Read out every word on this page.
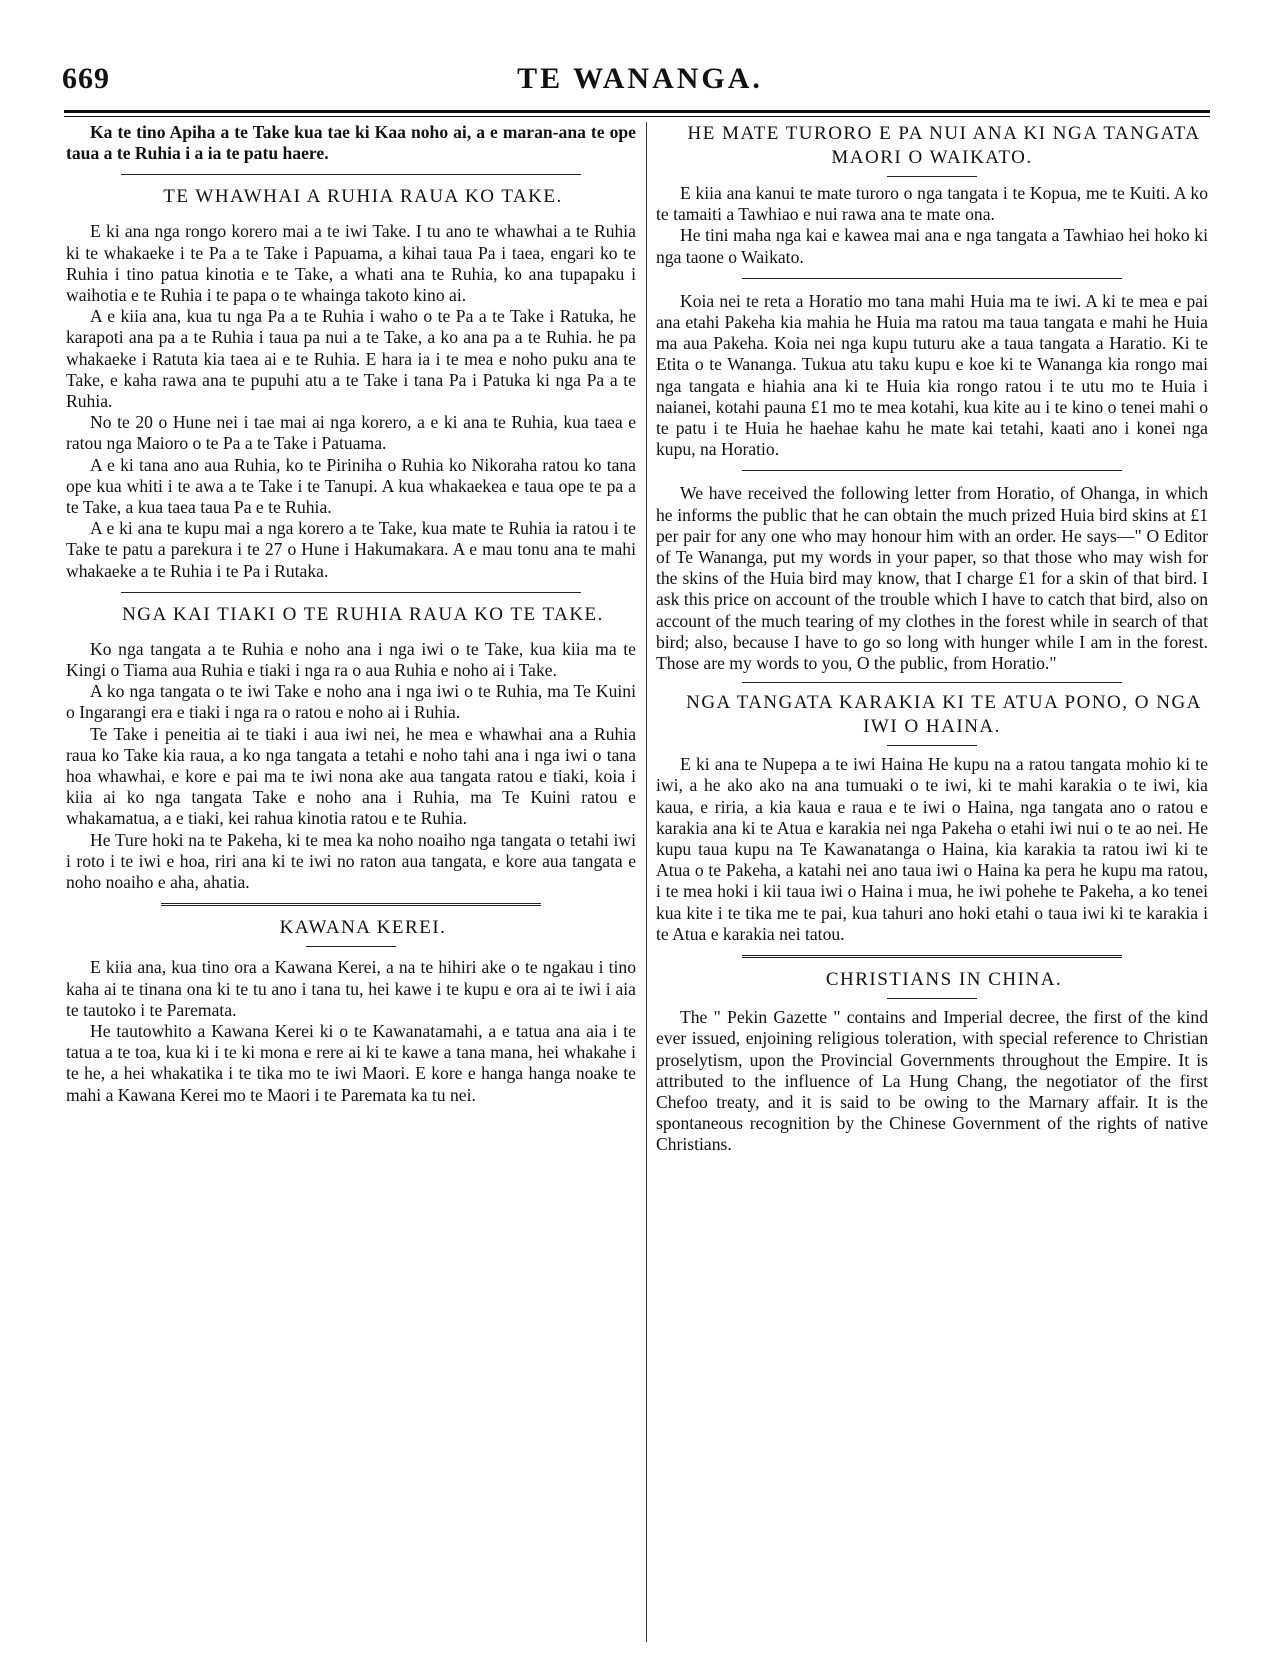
669	TE WANANGA.

Ka te tino Apiha a te Take kua tae ki Kaa noho ai, a e maran-ana te ope taua a te Ruhia i a ia te patu haere.

TE WHAWHAI A RUHIA RAUA KO TAKE.

E ki ana nga rongo korero mai a te iwi Take. I tu ano te whawhai a te Ruhia ki te whakaeke i te Pa a te Take i Papuama, a kihai taua Pa i taea, engari ko te Ruhia i tino patua kinotia e te Take, a whati ana te Ruhia, ko ana tupapaku i waihotia e te Ruhia i te papa o te whainga takoto kino ai.

A e kiia ana, kua tu nga Pa a te Ruhia i waho o te Pa a te Take i Ratuka, he karapoti ana pa a te Ruhia i taua pa nui a te Take, a ko ana pa a te Ruhia. he pa whakaeke i Ratuta kia taea ai e te Ruhia. E hara ia i te mea e noho puku ana te Take, e kaha rawa ana te pupuhi atu a te Take i tana Pa i Patuka ki nga Pa a te Ruhia.

No te 20 o Hune nei i tae mai ai nga korero, a e ki ana te Ruhia, kua taea e ratou nga Maioro o te Pa a te Take i Patuama.

A e ki tana ano aua Ruhia, ko te Piriniha o Ruhia ko Nikoraha ratou ko tana ope kua whiti i te awa a te Take i te Tanupi. A kua whakaekea e taua ope te pa a te Take, a kua taea taua Pa e te Ruhia.

A e ki ana te kupu mai a nga korero a te Take, kua mate te Ruhia ia ratou i te Take te patu a parekura i te 27 o Hune i Hakumakara. A e mau tonu ana te mahi whakaeke a te Ruhia i te Pa i Rutaka.

NGA KAI TIAKI O TE RUHIA RAUA KO TE TAKE.

Ko nga tangata a te Ruhia e noho ana i nga iwi o te Take, kua kiia ma te Kingi o Tiama aua Ruhia e tiaki i nga ra o aua Ruhia e noho ai i Take.

A ko nga tangata o te iwi Take e noho ana i nga iwi o te Ruhia, ma Te Kuini o Ingarangi era e tiaki i nga ra o ratou e noho ai i Ruhia.

Te Take i peneitia ai te tiaki i aua iwi nei, he mea e whawhai ana a Ruhia raua ko Take kia raua, a ko nga tangata a tetahi e noho tahi ana i nga iwi o tana hoa whawhai, e kore e pai ma te iwi nona ake aua tangata ratou e tiaki, koia i kiia ai ko nga tangata Take e noho ana i Ruhia, ma Te Kuini ratou e whakamatua, a e tiaki, kei rahua kinotia ratou e te Ruhia.

He Ture hoki na te Pakeha, ki te mea ka noho noaiho nga tangata o tetahi iwi i roto i te iwi e hoa, riri ana ki te iwi no raton aua tangata, e kore aua tangata e noho noaiho e aha, ahatia.

KAWANA KEREI.

E kiia ana, kua tino ora a Kawana Kerei, a na te hihiri ake o te ngakau i tino kaha ai te tinana ona ki te tu ano i tana tu, hei kawe i te kupu e ora ai te iwi i aia te tautoko i te Paremata.

He tautowhito a Kawana Kerei ki o te Kawanatamahi, a e tatua ana aia i te tatua a te toa, kua ki i te ki mona e rere ai ki te kawe a tana mana, hei whakahe i te he, a hei whakatika i te tika mo te iwi Maori. E kore e hanga hanga noake te mahi a Kawana Kerei mo te Maori i te Paremata ka tu nei.

HE MATE TURORO E PA NUI ANA KI NGA TANGATA MAORI O WAIKATO.

E kiia ana kanui te mate turoro o nga tangata i te Kopua, me te Kuiti. A ko te tamaiti a Tawhiao e nui rawa ana te mate ona.

He tini maha nga kai e kawea mai ana e nga tangata a Tawhiao hei hoko ki nga taone o Waikato.

Koia nei te reta a Horatio mo tana mahi Huia ma te iwi. A ki te mea e pai ana etahi Pakeha kia mahia he Huia ma ratou ma taua tangata e mahi he Huia ma aua Pakeha. Koia nei nga kupu tuturu ake a taua tangata a Haratio. Ki te Etita o te Wananga. Tukua atu taku kupu e koe ki te Wananga kia rongo mai nga tangata e hiahia ana ki te Huia kia rongo ratou i te utu mo te Huia i naianei, kotahi pauna £1 mo te mea kotahi, kua kite au i te kino o tenei mahi o te patu i te Huia he haehae kahu he mate kai tetahi, kaati ano i konei nga kupu, na Horatio.

We have received the following letter from Horatio, of Ohanga, in which he informs the public that he can obtain the much prized Huia bird skins at £1 per pair for any one who may honour him with an order. He says—" O Editor of Te Wananga, put my words in your paper, so that those who may wish for the skins of the Huia bird may know, that I charge £1 for a skin of that bird. I ask this price on account of the trouble which I have to catch that bird, also on account of the much tearing of my clothes in the forest while in search of that bird; also, because I have to go so long with hunger while I am in the forest. Those are my words to you, O the public, from Horatio."

NGA TANGATA KARAKIA KI TE ATUA PONO, O NGA IWI O HAINA.

E ki ana te Nupepa a te iwi Haina He kupu na a ratou tangata mohio ki te iwi, a he ako ako na ana tumuaki o te iwi, ki te mahi karakia o te iwi, kia kaua, e riria, a kia kaua e raua e te iwi o Haina, nga tangata ano o ratou e karakia ana ki te Atua e karakia nei nga Pakeha o etahi iwi nui o te ao nei. He kupu taua kupu na Te Kawanatanga o Haina, kia karakia ta ratou iwi ki te Atua o te Pakeha, a katahi nei ano taua iwi o Haina ka pera he kupu ma ratou, i te mea hoki i kii taua iwi o Haina i mua, he iwi pohehe te Pakeha, a ko tenei kua kite i te tika me te pai, kua tahuri ano hoki etahi o taua iwi ki te karakia i te Atua e karakia nei tatou.

CHRISTIANS IN CHINA.

The " Pekin Gazette " contains and Imperial decree, the first of the kind ever issued, enjoining religious toleration, with special reference to Christian proselytism, upon the Provincial Governments throughout the Empire. It is attributed to the influence of La Hung Chang, the negotiator of the first Chefoo treaty, and it is said to be owing to the Marnary affair. It is the spontaneous recognition by the Chinese Government of the rights of native Christians.
